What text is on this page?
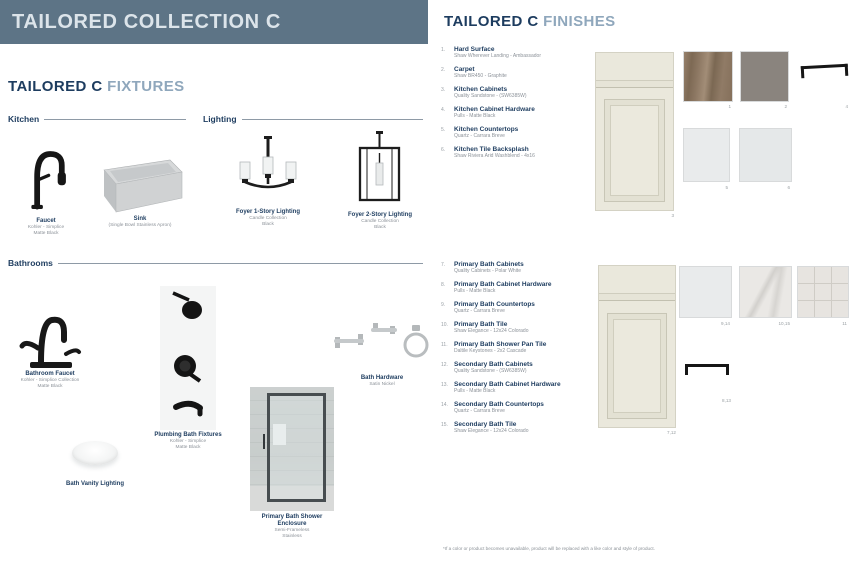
TAILORED COLLECTION C
TAILORED C FIXTURES
Kitchen
Faucet
Kohler - Simplice
Matte Black
Sink
(Single Bowl Stainless Apron)
Lighting
Foyer 1-Story Lighting
Candle Collection
Black
Foyer 2-Story Lighting
Candle Collection
Black
Bathrooms
Bathroom Faucet
Kohler - Simplice Collection
Matte Black
Plumbing Bath Fixtures
Kohler - Simplice
Matte Black
Bath Vanity Lighting
Bath Hardware
Satin Nickel
Primary Bath Shower
Enclosure
Semi-Frameless
Stainless
TAILORED C FINISHES
1. Hard Surface
Shaw Wherever Landing - Ambassador
2. Carpet
Shaw BR450 - Graphite
3. Kitchen Cabinets
Quality Sandstone - (SW6385W)
4. Kitchen Cabinet Hardware
Pulls - Matte Black
5. Kitchen Countertops
Quartz - Carrara Breve
6. Kitchen Tile Backsplash
Shaw Riviera Arid Washblend - 4x16
3
1	2	4
5	6
7. Primary Bath Cabinets
Quality Cabinets - Polar White
8. Primary Bath Cabinet Hardware
Pulls - Matte Black
9. Primary Bath Countertops
Quartz - Carrara Breve
10. Primary Bath Tile
Shaw Elegance - 12x24 Colorado
11. Primary Bath Shower Pan Tile
Daltile Keystones - 2x2 Cascade
12. Secondary Bath Cabinets
Quality Sandstone - (SW6385W)
13. Secondary Bath Cabinet Hardware
Pulls - Matte Black
14. Secondary Bath Countertops
Quartz - Carrara Breve
15. Secondary Bath Tile
Shaw Elegance - 12x24 Colorado	7,12
9,14	10,15	11
8,13
*If a color or product becomes unavailable, product will be replaced with a like color and style of product.
